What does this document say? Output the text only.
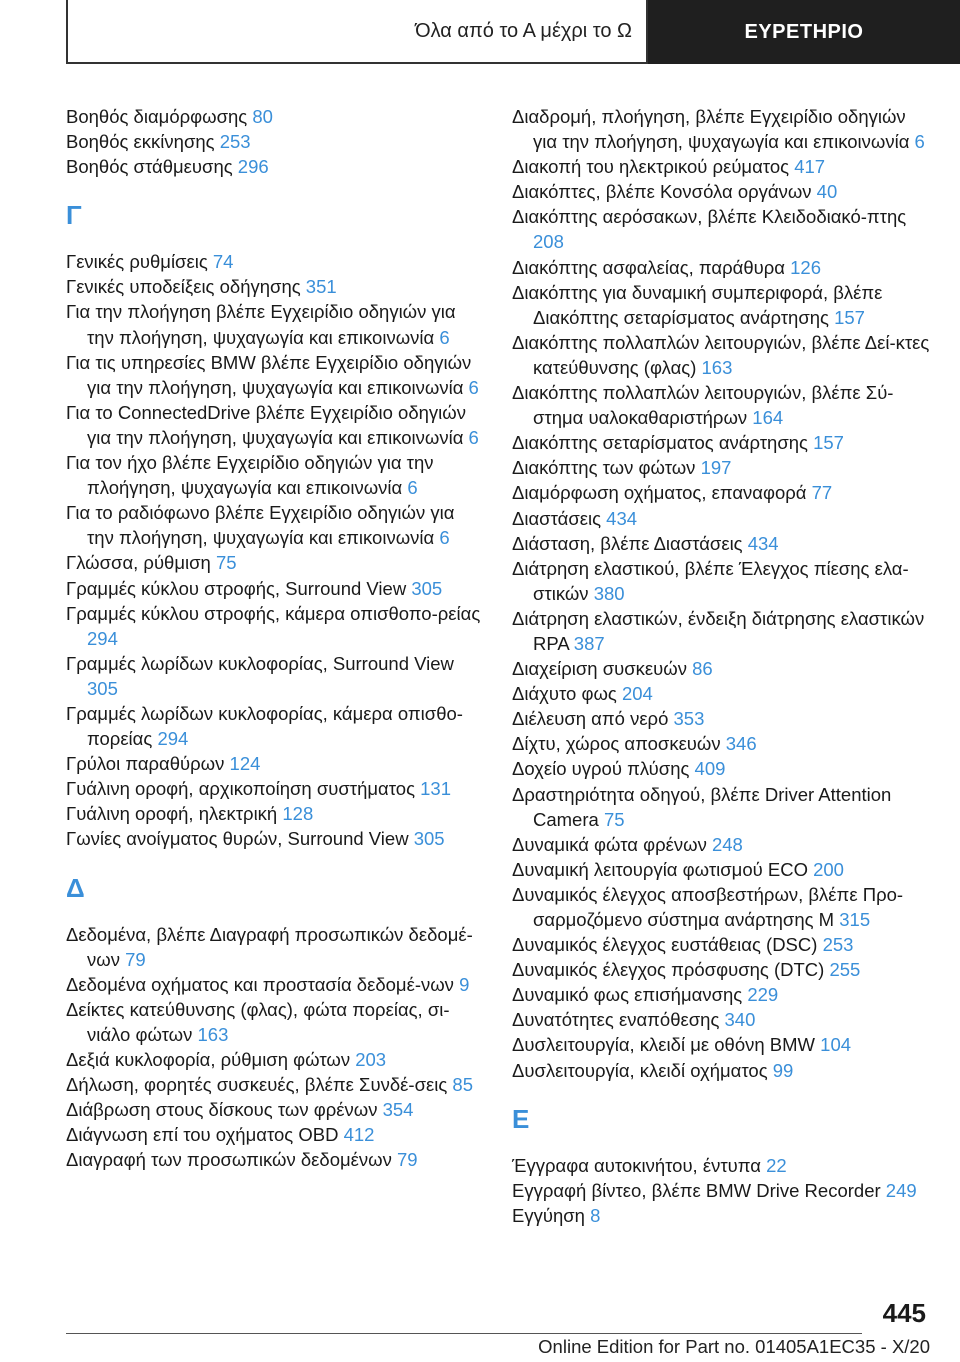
Όλα από το Α μέχρι το Ω	ΕΥΡΕΤΗΡΙΟ

Βοηθός διαμόρφωσης 80

Βοηθός εκκίνησης 253

Βοηθός στάθμευσης 296

Γ

Γενικές ρυθμίσεις 74

Γενικές υποδείξεις οδήγησης 351

Για την πλοήγηση βλέπε Εγχειρίδιο οδηγιών για την πλοήγηση, ψυχαγωγία και επικοινωνία 6

Για τις υπηρεσίες BMW βλέπε Εγχειρίδιο οδηγιών για την πλοήγηση, ψυχαγωγία και επικοινωνία 6

Για το ConnectedDrive βλέπε Εγχειρίδιο οδηγιών για την πλοήγηση, ψυχαγωγία και επικοινωνία 6

Για τον ήχο βλέπε Εγχειρίδιο οδηγιών για την πλοήγηση, ψυχαγωγία και επικοινωνία 6

Για το ραδιόφωνο βλέπε Εγχειρίδιο οδηγιών για την πλοήγηση, ψυχαγωγία και επικοινωνία 6

Γλώσσα, ρύθμιση 75

Γραμμές κύκλου στροφής, Surround View 305

Γραμμές κύκλου στροφής, κάμερα οπισθοπο-ρείας 294

Γραμμές λωρίδων κυκλοφορίας, Surround View 305

Γραμμές λωρίδων κυκλοφορίας, κάμερα οπισθο-πορείας 294

Γρύλοι παραθύρων 124

Γυάλινη οροφή, αρχικοποίηση συστήματος 131

Γυάλινη οροφή, ηλεκτρική 128

Γωνίες ανοίγματος θυρών, Surround View 305

Δ

Δεδομένα, βλέπε Διαγραφή προσωπικών δεδομέ-νων 79

Δεδομένα οχήματος και προστασία δεδομέ-νων 9

Δείκτες κατεύθυνσης (φλας), φώτα πορείας, σι-νιάλο φώτων 163

Δεξιά κυκλοφορία, ρύθμιση φώτων 203

Δήλωση, φορητές συσκευές, βλέπε Συνδέ-σεις 85

Διάβρωση στους δίσκους των φρένων 354

Διάγνωση επί του οχήματος OBD 412

Διαγραφή των προσωπικών δεδομένων 79

Διαδρομή, πλοήγηση, βλέπε Εγχειρίδιο οδηγιών για την πλοήγηση, ψυχαγωγία και επικοινωνία 6

Διακοπή του ηλεκτρικού ρεύματος 417

Διακόπτες, βλέπε Κονσόλα οργάνων 40

Διακόπτης αερόσακων, βλέπε Κλειδοδιακό-πτης 208

Διακόπτης ασφαλείας, παράθυρα 126

Διακόπτης για δυναμική συμπεριφορά, βλέπε Διακόπτης σεταρίσματος ανάρτησης 157

Διακόπτης πολλαπλών λειτουργιών, βλέπε Δεί-κτες κατεύθυνσης (φλας) 163

Διακόπτης πολλαπλών λειτουργιών, βλέπε Σύ-στημα υαλοκαθαριστήρων 164

Διακόπτης σεταρίσματος ανάρτησης 157

Διακόπτης των φώτων 197

Διαμόρφωση οχήματος, επαναφορά 77

Διαστάσεις 434

Διάσταση, βλέπε Διαστάσεις 434

Διάτρηση ελαστικού, βλέπε Έλεγχος πίεσης ελα-στικών 380

Διάτρηση ελαστικών, ένδειξη διάτρησης ελαστικών RPA 387

Διαχείριση συσκευών 86

Διάχυτο φως 204

Διέλευση από νερό 353

Δίχτυ, χώρος αποσκευών 346

Δοχείο υγρού πλύσης 409

Δραστηριότητα οδηγού, βλέπε Driver Attention Camera 75

Δυναμικά φώτα φρένων 248

Δυναμική λειτουργία φωτισμού ECO 200

Δυναμικός έλεγχος αποσβεστήρων, βλέπε Προ-σαρμοζόμενο σύστημα ανάρτησης M 315

Δυναμικός έλεγχος ευστάθειας (DSC) 253

Δυναμικός έλεγχος πρόσφυσης (DTC) 255

Δυναμικό φως επισήμανσης 229

Δυνατότητες εναπόθεσης 340

Δυσλειτουργία, κλειδί με οθόνη BMW 104

Δυσλειτουργία, κλειδί οχήματος 99

Ε

Έγγραφα αυτοκινήτου, έντυπα 22

Εγγραφή βίντεο, βλέπε BMW Drive Recorder 249

Εγγύηση 8

445
Online Edition for Part no. 01405A1EC35 - X/20
